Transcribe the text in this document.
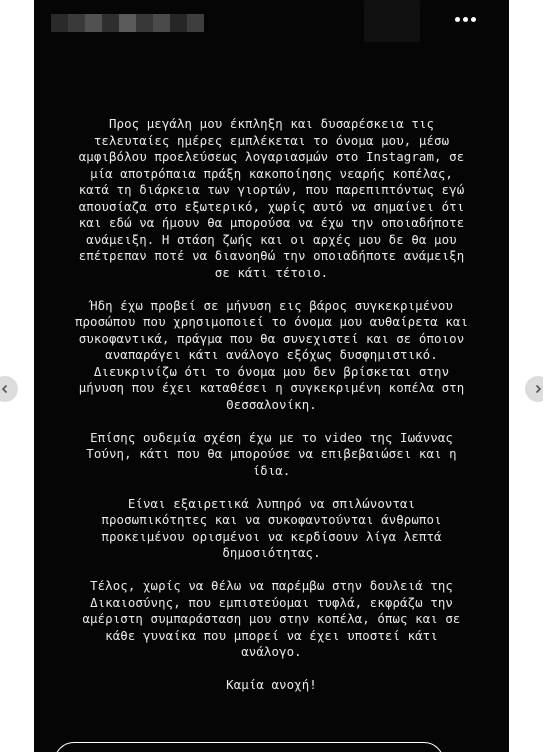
Προς μεγάλη μου έκπληξη και δυσαρέσκεια τις
τελευταίες ημέρες εμπλέκεται το όνομα μου, μέσω
αμφιβόλου προελεύσεως λογαριασμών στο Instagram, σε
μία αποτρόπαια πράξη κακοποίησης νεαρής κοπέλας,
κατά τη διάρκεια των γιορτών, που παρεπιπτόντως εγώ
απουσίαζα στο εξωτερικό, χωρίς αυτό να σημαίνει ότι
και εδώ να ήμουν θα μπορούσα να έχω την οποιαδήποτε
ανάμειξη. Η στάση ζωής και οι αρχές μου δε θα μου
επέτρεπαν ποτέ να διανοηθώ την οποιαδήποτε ανάμειξη
σε κάτι τέτοιο.

Ήδη έχω προβεί σε μήνυση εις βάρος συγκεκριμένου
προσώπου που χρησιμοποιεί το όνομα μου αυθαίρετα και
συκοφαντικά, πράγμα που θα συνεχιστεί και σε όποιον
αναπαράγει κάτι ανάλογο εξόχως δυσφημιστικό.
Διευκρινίζω ότι το όνομα μου δεν βρίσκεται στην
μήνυση που έχει καταθέσει η συγκεκριμένη κοπέλα στη
Θεσσαλονίκη.

Επίσης ουδεμία σχέση έχω με το video της Ιωάννας
Τούνη, κάτι που θα μπορούσε να επιβεβαιώσει και η
ίδια.

Είναι εξαιρετικά λυπηρό να σπιλώνονται
προσωπικότητες και να συκοφαντούνται άνθρωποι
προκειμένου ορισμένοι να κερδίσουν λίγα λεπτά
δημοσιότητας.

Τέλος, χωρίς να θέλω να παρέμβω στην δουλειά της
Δικαιοσύνης, που εμπιστεύομαι τυφλά, εκφράζω την
αμέριστη συμπαράσταση μου στην κοπέλα, όπως και σε
κάθε γυναίκα που μπορεί να έχει υποστεί κάτι
ανάλογο.

Καμία ανοχή!
